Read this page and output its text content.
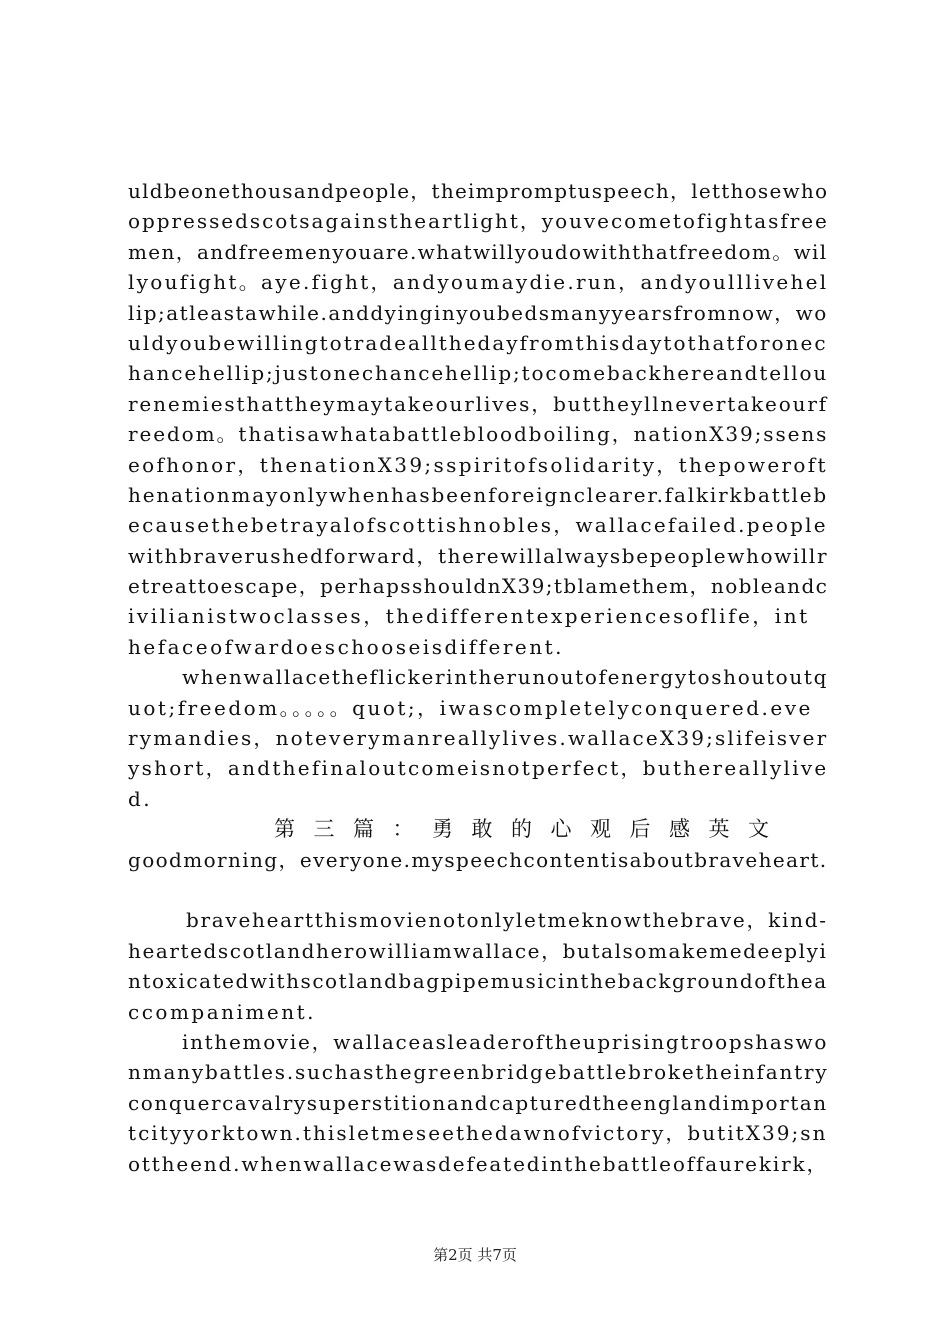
uldbeonethousandpeople，theimpromptuspeech，letthosewho
oppressedscotsagainstheartlight，youvecometofightasfree
men，andfreemenyouare.whatwillyoudowiththatfreedom。wil
lyoufight。aye.fight，andyoumaydie.run，andyoulllivehel
lip;atleastawhile.anddyinginyoubedsmanyyearsfromnow，wo
uldyoubewillingtotradeallthedayfromthisdaytothatforonec
hancehellip;justonechancehellip;tocomebackhereandtellou
renemiesthattheymaytakeourlives，buttheyllnevertakeourf
reedom。thatisawhatabattlebloodboiling，nationX39;ssens
eofhonor，thenationX39;sspiritofsolidarity，thepoweroft
henationmayonlywhenhasbeenforeignclearer.falkirkbattleb
ecausethebetrayalofscottishnobles，wallacefailed.people
withbraverushedforward，therewillalwaysbepeoplewhowillr
etreattoescape，perhapsshouldnX39;tblamethem，nobleandc
ivilianistwoclasses，thedifferentexperiencesoflife，int
hefaceofwardoeschooseisdifferent.
whenwallacetheflickerintherunoutofenergytoshoutoutq
uot;freedom。。。。。quot;，iwascompletelyconquered.eve
rymandies，noteverymanreallylives.wallaceX39;slifeisver
yshort，andthefinaloutcomeisnotperfect，buthereallylive
d.
第三篇：勇敢的心观后感英文
goodmorning，everyone.myspeechcontentisaboutbraveheart.
braveheartthismovienotonlyletmeknowthebrave，kind-
heartedscotlandherowilliamwallace，butalsomakemedeeplyi
ntoxicatedwithscotlandbagpipemusicinthebackgroundofthea
ccompaniment.
inthemovie，wallaceasleaderoftheuprisingtroopshaswo
nmanybattles.suchasthegreenbridgebattlebroketheinfantry
conquercavalrysuperstitionandcapturedtheenglandimportan
tcityyorktown.thisletmeseethedawnofvictory，butitX39;sn
ottheend.whenwallacewasdefeatedinthebattleoffaurekirk，
第2页 共7页
